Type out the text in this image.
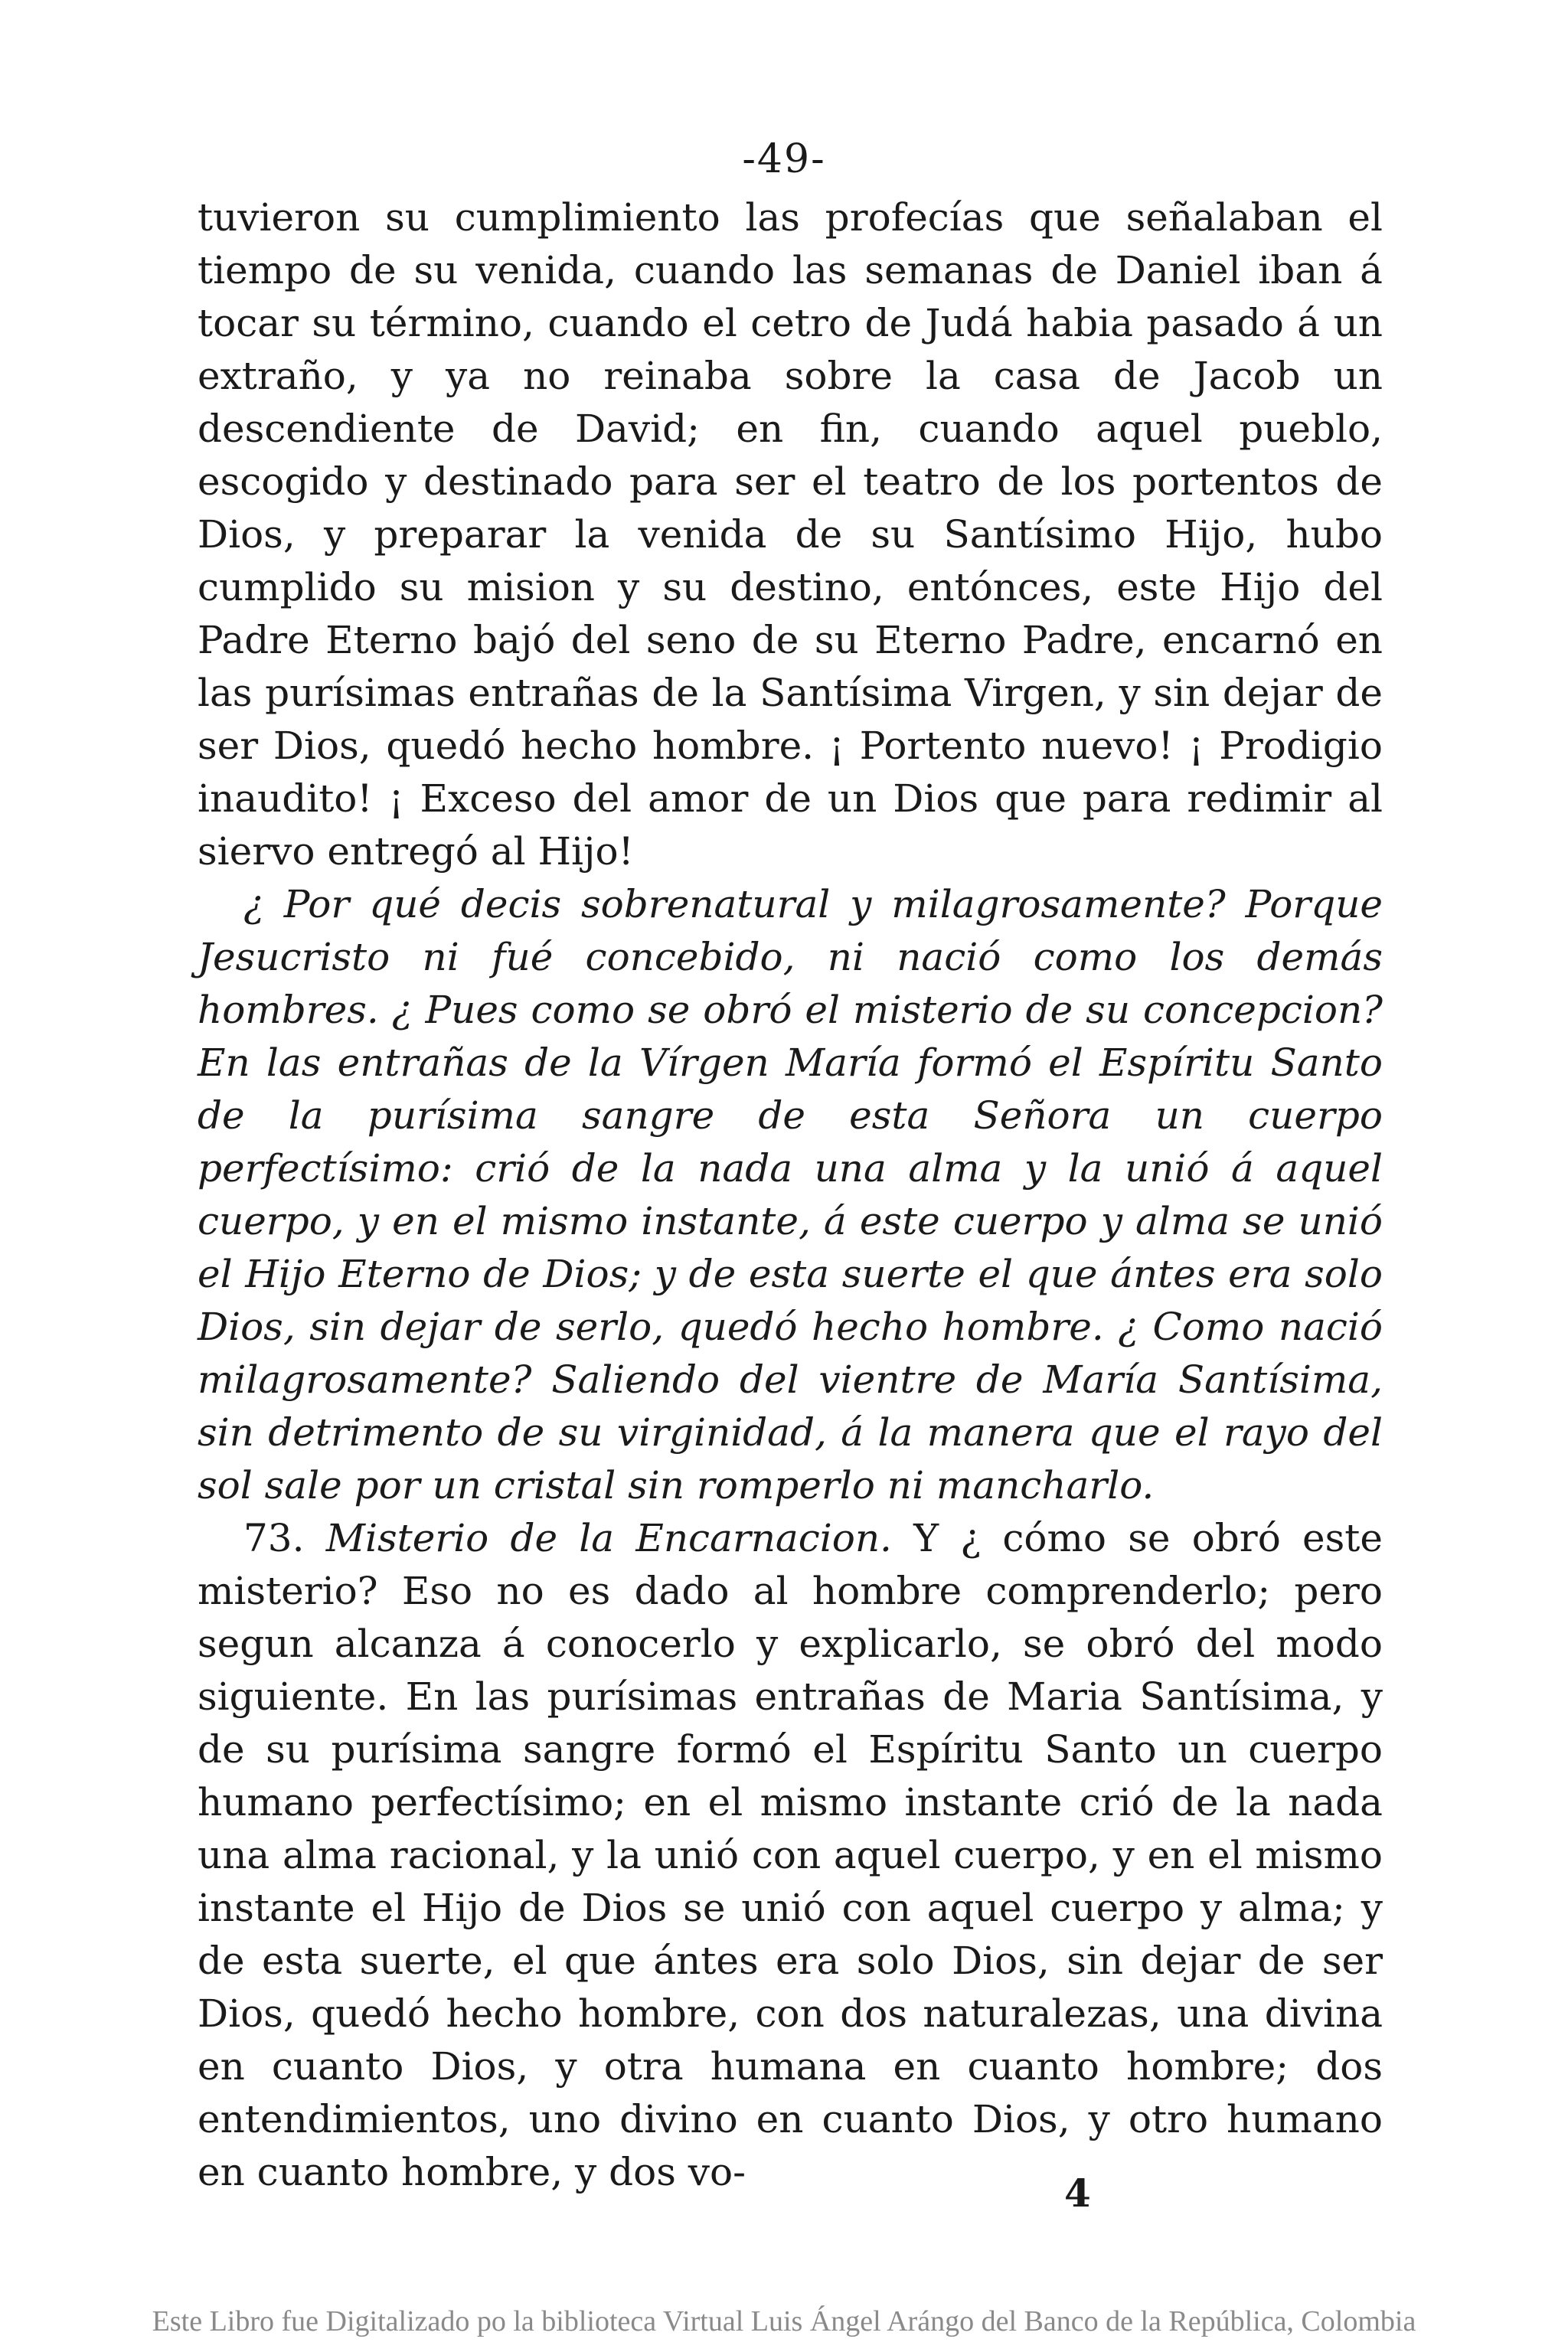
-49-

tuvieron su cumplimiento las profecías que señalaban el tiempo de su venida, cuando las semanas de Daniel iban á tocar su término, cuando el cetro de Judá habia pasado á un extraño, y ya no reinaba sobre la casa de Jacob un descendiente de David; en fin, cuando aquel pueblo, escogido y destinado para ser el teatro de los portentos de Dios, y preparar la venida de su Santísimo Hijo, hubo cumplido su mision y su destino, entónces, este Hijo del Padre Eterno bajó del seno de su Eterno Padre, encarnó en las purísimas entrañas de la Santísima Virgen, y sin dejar de ser Dios, quedó hecho hombre. ¡ Portento nuevo! ¡ Prodigio inaudito! ¡ Exceso del amor de un Dios que para redimir al siervo entregó al Hijo!

¿ Por qué decis sobrenatural y milagrosamente? Porque Jesucristo ni fué concebido, ni nació como los demás hombres. ¿ Pues como se obró el misterio de su concepcion? En las entrañas de la Vírgen María formó el Espíritu Santo de la purísima sangre de esta Señora un cuerpo perfectísimo: crió de la nada una alma y la unió á aquel cuerpo, y en el mismo instante, á este cuerpo y alma se unió el Hijo Eterno de Dios; y de esta suerte el que ántes era solo Dios, sin dejar de serlo, quedó hecho hombre. ¿ Como nació milagrosamente? Saliendo del vientre de María Santísima, sin detrimento de su virginidad, á la manera que el rayo del sol sale por un cristal sin romperlo ni mancharlo.

73. Misterio de la Encarnacion. Y ¿ cómo se obró este misterio? Eso no es dado al hombre comprenderlo; pero segun alcanza á conocerlo y explicarlo, se obró del modo siguiente. En las purísimas entrañas de Maria Santísima, y de su purísima sangre formó el Espíritu Santo un cuerpo humano perfectísimo; en el mismo instante crió de la nada una alma racional, y la unió con aquel cuerpo, y en el mismo instante el Hijo de Dios se unió con aquel cuerpo y alma; y de esta suerte, el que ántes era solo Dios, sin dejar de ser Dios, quedó hecho hombre, con dos naturalezas, una divina en cuanto Dios, y otra humana en cuanto hombre; dos entendimientos, uno divino en cuanto Dios, y otro humano en cuanto hombre, y dos vo-	4
Este Libro fue Digitalizado po la biblioteca Virtual Luis Ángel Arángo del Banco de la República, Colombia
